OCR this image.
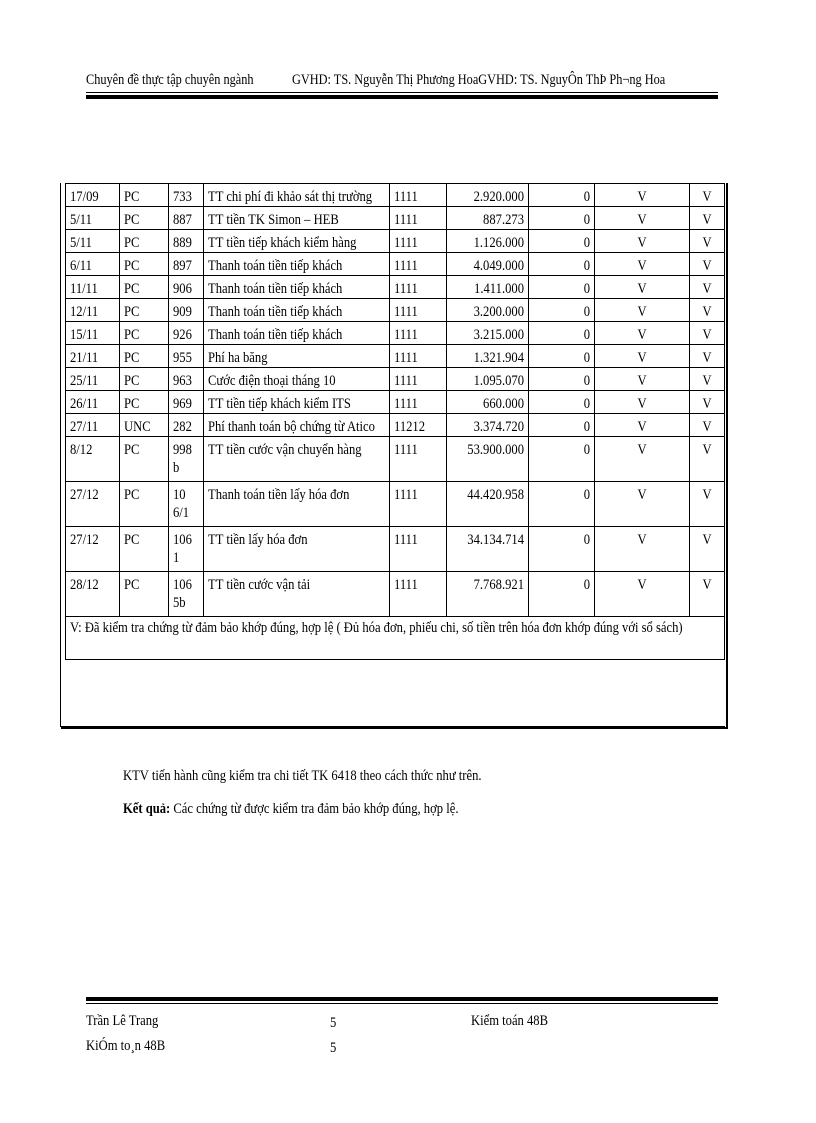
Chuyên đề thực tập chuyên ngành	GVHD: TS. Nguyễn Thị Phương HoaGVHD: TS. NguyÔn ThÞ Ph¬ng Hoa
17/09	PC	733	TT chi phí đi khảo sát thị trường	1111	2.920.000	0	V	V

5/11	PC	887	TT tiền TK Simon – HEB	1111	887.273	0	V	V

5/11	PC	889	TT tiền tiếp khách kiểm hàng	1111	1.126.000	0	V	V

6/11	PC	897	Thanh toán tiền tiếp khách	1111	4.049.000	0	V	V

11/11	PC	906	Thanh toán tiền tiếp khách	1111	1.411.000	0	V	V

12/11	PC	909	Thanh toán tiền tiếp khách	1111	3.200.000	0	V	V

15/11	PC	926	Thanh toán tiền tiếp khách	1111	3.215.000	0	V	V

21/11	PC	955	Phí ha băng	1111	1.321.904	0	V	V

25/11	PC	963	Cước điện thoại tháng 10	1111	1.095.070	0	V	V

26/11	PC	969	TT tiền tiếp khách kiểm ITS	1111	660.000	0	V	V

27/11	UNC	282	Phí thanh toán bộ chứng từ Atico	11212	3.374.720	0	V	V

8/12	PC	998b	TT tiền cước vận chuyển hàng	1111	53.900.000	0	V	V

27/12	PC	106/1	Thanh toán tiền lấy hóa đơn	1111	44.420.958	0	V	V

27/12	PC	1061	TT tiền lấy hóa đơn	1111	34.134.714	0	V	V

28/12	PC	1065b	TT tiền cước vận tải	1111	7.768.921	0	V	V

V: Đã kiểm tra chứng từ đảm bảo khớp đúng, hợp lệ ( Đủ hóa đơn, phiếu chi, số tiền trên hóa đơn khớp đúng với sổ sách)								
KTV tiến hành cũng kiểm tra chi tiết TK 6418 theo cách thức như trên.
Kết quả: Các chứng từ được kiểm tra đảm bảo khớp đúng, hợp lệ.
Trần Lê Trang
KiÓm to¸n 48B
5
5
Kiểm toán 48B
